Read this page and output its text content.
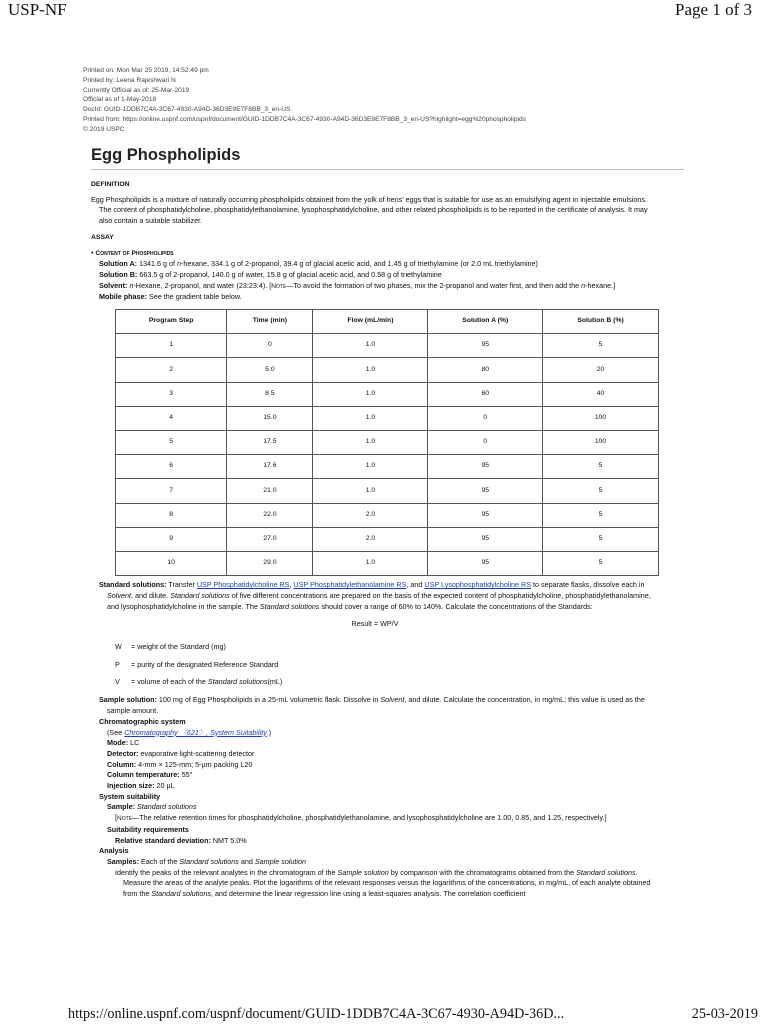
USP-NF	Page 1 of 3
Printed on: Mon Mar 25 2019, 14:52:49 pm
Printed by: Leena Rajeshwari N
Currently Official as of: 25-Mar-2019
Official as of 1-May-2018
DocId: GUID-1DDB7C4A-3C67-4930-A94D-36D3E9E7F8BB_3_en-US
Printed from: https://online.uspnf.com/uspnf/document/GUID-1DDB7C4A-3C67-4930-A94D-36D3E9E7F8BB_3_en-US?highlight=egg%20phospholipids
© 2019 USPC
Egg Phospholipids
DEFINITION
Egg Phospholipids is a mixture of naturally occurring phospholipids obtained from the yolk of hens' eggs that is suitable for use as an emulsifying agent in injectable emulsions. The content of phosphatidylcholine, phosphatidylethanolamine, lysophosphatidylcholine, and other related phospholipids is to be reported in the certificate of analysis. It may also contain a suitable stabilizer.
ASSAY
• Content of Phospholipids
Solution A: 1341.6 g of n-hexane, 334.1 g of 2-propanol, 39.4 g of glacial acetic acid, and 1.45 g of triethylamine (or 2.0 mL triethylamine)
Solution B: 663.5 g of 2-propanol, 140.0 g of water, 15.8 g of glacial acetic acid, and 0.58 g of triethylamine
Solvent: n-Hexane, 2-propanol, and water (23:23:4). [Note—To avoid the formation of two phases, mix the 2-propanol and water first, and then add the n-hexane.]
Mobile phase: See the gradient table below.
Program Step	Time (min)	Flow (mL/min)	Solution A (%)	Solution B (%)
1	0	1.0	95	5
2	5.0	1.0	80	20
3	8.5	1.0	60	40
4	15.0	1.0	0	100
5	17.5	1.0	0	100
6	17.6	1.0	95	5
7	21.0	1.0	95	5
8	22.0	2.0	95	5
9	27.0	2.0	95	5
10	29.0	1.0	95	5
Standard solutions: Transfer USP Phosphatidylcholine RS, USP Phosphatidylethanolamine RS, and USP Lysophosphatidylcholine RS to separate flasks, dissolve each in Solvent, and dilute. Standard solutions of five different concentrations are prepared on the basis of the expected content of phosphatidylcholine, phosphatidylethanolamine, and lysophosphatidylcholine in the sample. The Standard solutions should cover a range of 60% to 140%. Calculate the concentrations of the Standards:
Result = WP/V
W	= weight of the Standard (mg)
P	= purity of the designated Reference Standard
V	= volume of each of the
Standard solutions (mL)
Sample solution: 100 mg of Egg Phospholipids in a 25-mL volumetric flask. Dissolve in Solvent, and dilute. Calculate the concentration, in mg/mL; this value is used as the sample amount.
Chromatographic system
(See Chromatography 〈621〉, System Suitability.)
Mode: LC
Detector: evaporative light-scattering detector
Column: 4-mm × 125-mm; 5-µm packing L20
Column temperature: 55°
Injection size: 20 µL
System suitability
Sample: Standard solutions
[Note—The relative retention times for phosphatidylcholine, phosphatidylethanolamine, and lysophosphatidylcholine are 1.00, 0.85, and 1.25, respectively.]
Suitability requirements
Relative standard deviation: NMT 5.0%
Analysis
Samples: Each of the Standard solutions and Sample solution
Identify the peaks of the relevant analytes in the chromatogram of the Sample solution by comparison with the chromatograms obtained from the Standard solutions. Measure the areas of the analyte peaks. Plot the logarithms of the relevant responses versus the logarithms of the concentrations, in mg/mL, of each analyte obtained from the Standard solutions, and determine the linear regression line using a least-squares analysis. The correlation coefficient
https://online.uspnf.com/uspnf/document/GUID-1DDB7C4A-3C67-4930-A94D-36D...	25-03-2019
